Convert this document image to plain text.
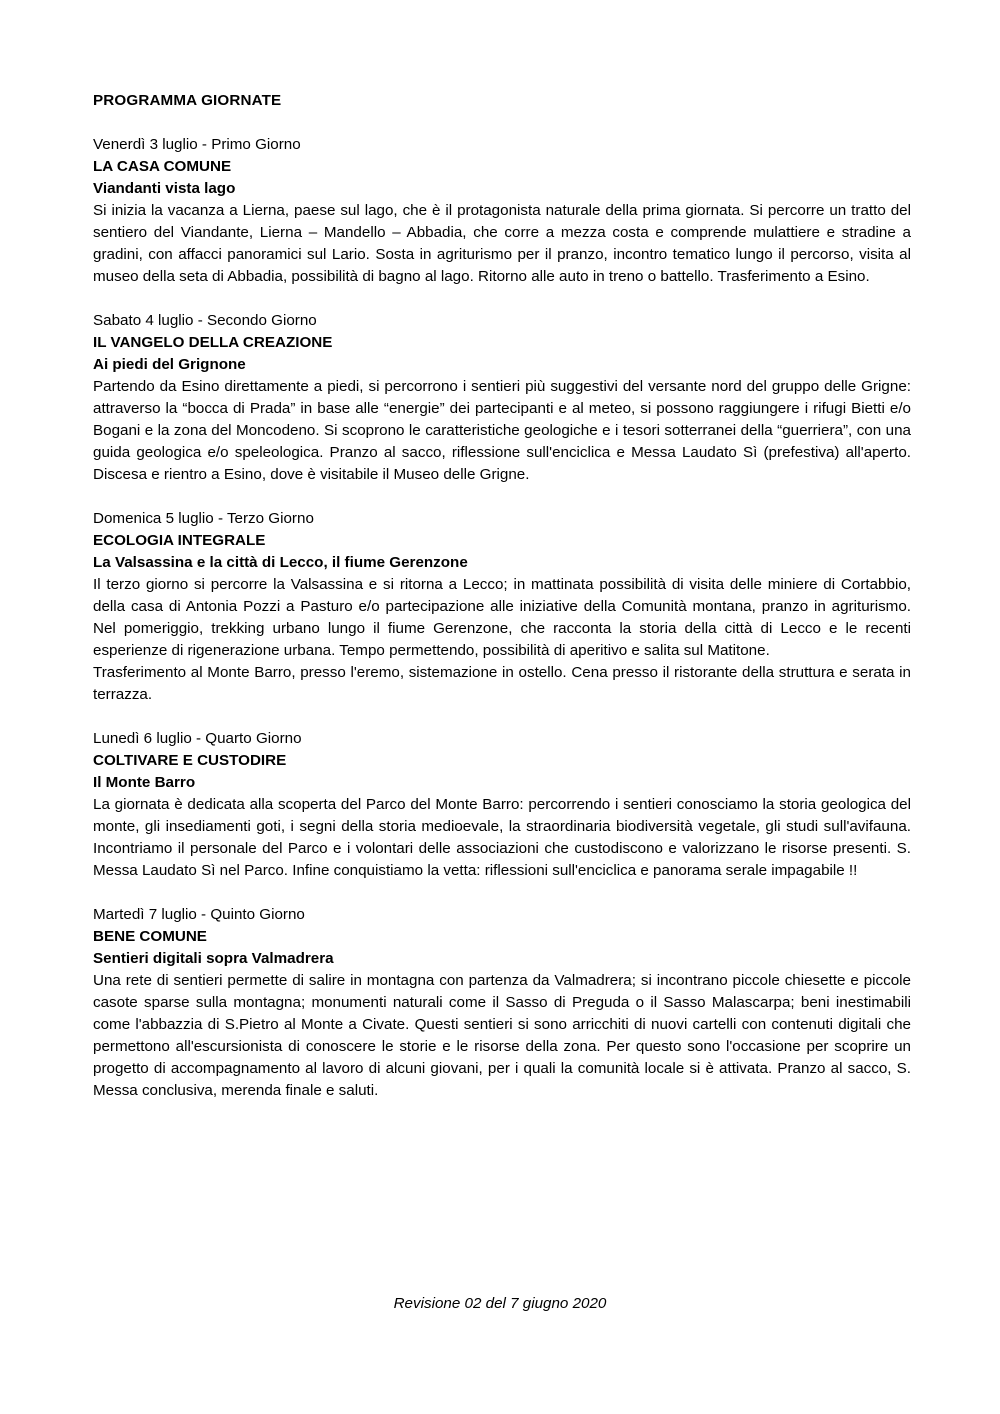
PROGRAMMA GIORNATE

Venerdì 3 luglio - Primo Giorno

LA CASA COMUNE

Viandanti vista lago

Si inizia la vacanza a Lierna, paese sul lago, che è il protagonista naturale della prima giornata. Si percorre un tratto del sentiero del Viandante, Lierna – Mandello – Abbadia, che corre a mezza costa e comprende mulattiere e stradine a gradini, con affacci panoramici sul Lario. Sosta in agriturismo per il pranzo, incontro tematico lungo il percorso, visita al museo della seta di Abbadia, possibilità di bagno al lago. Ritorno alle auto in treno o battello. Trasferimento a Esino.

Sabato 4 luglio - Secondo Giorno

IL VANGELO DELLA CREAZIONE

Ai piedi del Grignone

Partendo da Esino direttamente a piedi, si percorrono i sentieri più suggestivi del versante nord del gruppo delle Grigne: attraverso la “bocca di Prada” in base alle “energie” dei partecipanti e al meteo, si possono raggiungere i rifugi Bietti e/o Bogani e la zona del Moncodeno. Si scoprono le caratteristiche geologiche e i tesori sotterranei della “guerriera”, con una guida geologica e/o speleologica. Pranzo al sacco, riflessione sull'enciclica e Messa Laudato Sì (prefestiva) all'aperto. Discesa e rientro a Esino, dove è visitabile il Museo delle Grigne.

Domenica 5 luglio - Terzo Giorno

ECOLOGIA INTEGRALE

La Valsassina e la città di Lecco, il fiume Gerenzone

Il terzo giorno si percorre la Valsassina e si ritorna a Lecco; in mattinata possibilità di visita delle miniere di Cortabbio, della casa di Antonia Pozzi a Pasturo e/o partecipazione alle iniziative della Comunità montana, pranzo in agriturismo. Nel pomeriggio, trekking urbano lungo il fiume Gerenzone, che racconta la storia della città di Lecco e le recenti esperienze di rigenerazione urbana. Tempo permettendo, possibilità di aperitivo e salita sul Matitone.

Trasferimento al Monte Barro, presso l'eremo, sistemazione in ostello. Cena presso il ristorante della struttura e serata in terrazza.

Lunedì 6 luglio - Quarto Giorno

COLTIVARE E CUSTODIRE

Il Monte Barro

La giornata è dedicata alla scoperta del Parco del Monte Barro: percorrendo i sentieri conosciamo la storia geologica del monte, gli insediamenti goti, i segni della storia medioevale, la straordinaria biodiversità vegetale, gli studi sull'avifauna. Incontriamo il personale del Parco e i volontari delle associazioni che custodiscono e valorizzano le risorse presenti. S. Messa Laudato Sì nel Parco. Infine conquistiamo la vetta: riflessioni sull'enciclica e panorama serale impagabile !!

Martedì 7 luglio - Quinto Giorno

BENE COMUNE

Sentieri digitali sopra Valmadrera

Una rete di sentieri permette di salire in montagna con partenza da Valmadrera; si incontrano piccole chiesette e piccole casote sparse sulla montagna; monumenti naturali come il Sasso di Preguda o il Sasso Malascarpa; beni inestimabili come l'abbazzia di S.Pietro al Monte a Civate. Questi sentieri si sono arricchiti di nuovi cartelli con contenuti digitali che permettono all'escursionista di conoscere le storie e le risorse della zona. Per questo sono l'occasione per scoprire un progetto di accompagnamento al lavoro di alcuni giovani, per i quali la comunità locale si è attivata. Pranzo al sacco, S. Messa conclusiva, merenda finale e saluti.

Revisione 02 del 7 giugno 2020
